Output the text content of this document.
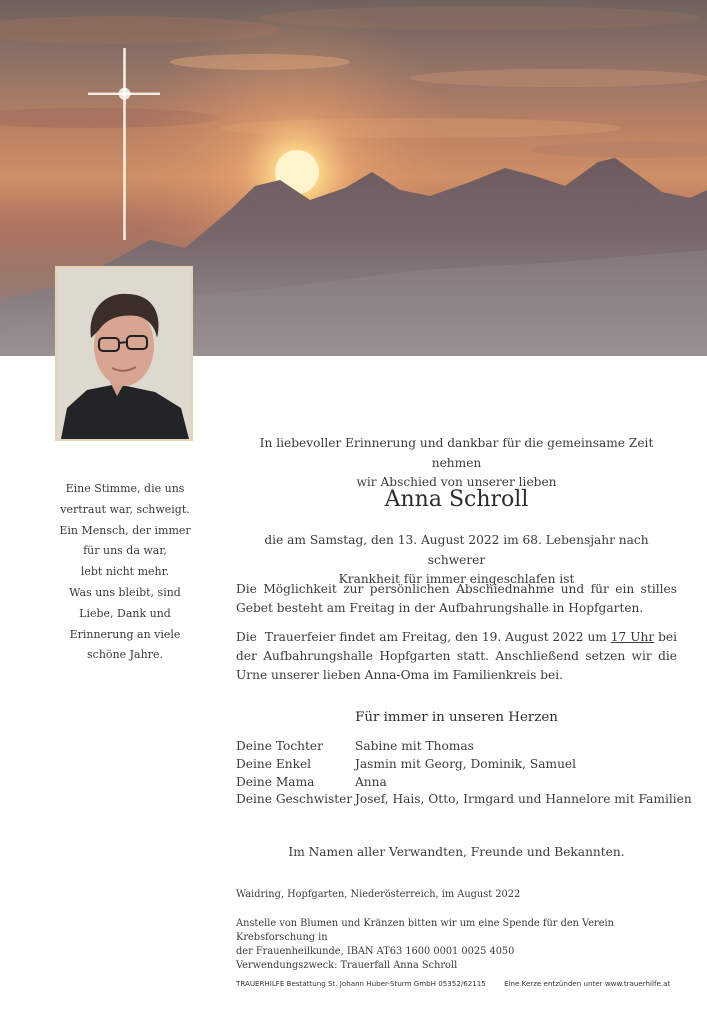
Eine Stimme, die uns
vertraut war, schweigt.
Ein Mensch, der immer
für uns da war,
lebt nicht mehr.
Was uns bleibt, sind
Liebe, Dank und
Erinnerung an viele
schöne Jahre.
In liebevoller Erinnerung und dankbar für die gemeinsame Zeit nehmen
wir Abschied von unserer lieben
Anna Schroll
die am Samstag, den 13. August 2022 im 68. Lebensjahr nach schwerer
Krankheit für immer eingeschlafen ist
Die Möglichkeit zur persönlichen Abschiednahme und für ein stilles Gebet besteht am Freitag in der Aufbahrungshalle in Hopfgarten.
Die  Trauerfeier findet am Freitag, den 19. August 2022 um 17 Uhr bei der Aufbahrungshalle Hopfgarten statt. Anschließend setzen wir die Urne unserer lieben Anna-Oma im Familienkreis bei.
Für immer in unseren Herzen
Deine Tochter	Sabine mit Thomas
Deine Enkel	Jasmin mit Georg, Dominik, Samuel
Deine Mama	Anna
Deine Geschwister Josef, Hais, Otto, Irmgard und Hannelore mit Familien
Im Namen aller Verwandten, Freunde und Bekannten.
Waidring, Hopfgarten, Niederösterreich, im August 2022
Anstelle von Blumen und Kränzen bitten wir um eine Spende für den Verein Krebsforschung in
der Frauenheilkunde, IBAN AT63 1600 0001 0025 4050
Verwendungszweck: Trauerfall Anna Schroll
TRAUERHILFE Bestattung St. Johann Huber-Sturm GmbH 05352/62115	Eine Kerze entzünden unter www.trauerhilfe.at
